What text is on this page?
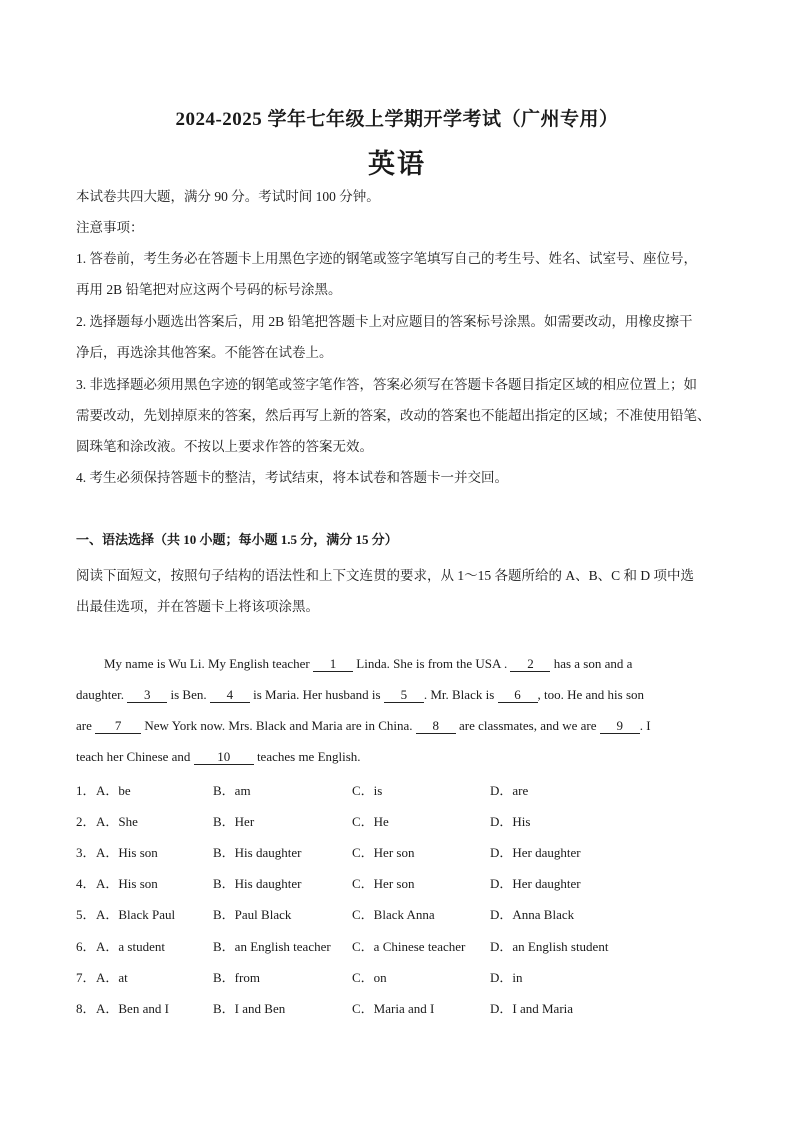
2024-2025 学年七年级上学期开学考试（广州专用）
英语
本试卷共四大题，满分 90 分。考试时间 100 分钟。
注意事项：
1. 答卷前，考生务必在答题卡上用黑色字迹的钢笔或签字笔填写自己的考生号、姓名、试室号、座位号，
再用 2B 铅笔把对应这两个号码的标号涂黑。
2. 选择题每小题选出答案后，用 2B 铅笔把答题卡上对应题目的答案标号涂黑。如需要改动，用橡皮擦干
净后，再选涂其他答案。不能答在试卷上。
3. 非选择题必须用黑色字迹的钢笔或签字笔作答，答案必须写在答题卡各题目指定区域的相应位置上；如
需要改动，先划掉原来的答案，然后再写上新的答案，改动的答案也不能超出指定的区域；不准使用铅笔、
圆珠笔和涂改液。不按以上要求作答的答案无效。
4. 考生必须保持答题卡的整洁，考试结束，将本试卷和答题卡一并交回。
一、语法选择（共 10 小题；每小题 1.5 分，满分 15 分）
阅读下面短文，按照句子结构的语法性和上下文连贯的要求，从 1～15 各题所给的 A、B、C 和 D 项中选
出最佳选项，并在答题卡上将该项涂黑。
My name is Wu Li. My English teacher 1 Linda. She is from the USA . 2 has a son and a
daughter. 3 is Ben. 4 is Maria. Her husband is 5 . Mr. Black is 6 , too. He and his son
are 7 New York now. Mrs. Black and Maria are in China. 8 are classmates, and we are 9 . I
teach her Chinese and 10 teaches me English.
1． A．be	B．am	C．is	D．are
2． A．She	B．Her	C．He	D．His
3． A．His son	B．His daughter	C．Her son	D．Her daughter
4． A．His son	B．His daughter	C．Her son	D．Her daughter
5． A．Black Paul	B．Paul Black	C．Black Anna	D．Anna Black
6． A．a student	B．an English teacher C．a Chinese teacher D．an English student
7． A．at	B．from	C．on	D．in
8． A．Ben and I	B．I and Ben	C．Maria and I	D．I and Maria
